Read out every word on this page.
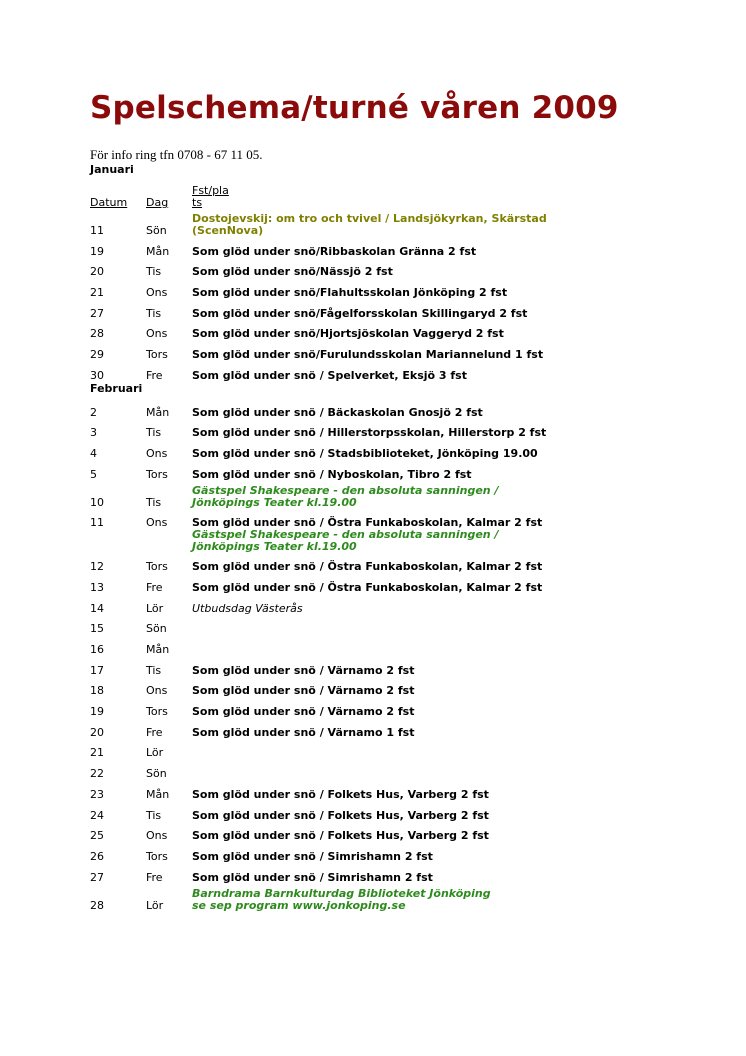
Spelschema/turné våren 2009
För info ring tfn 0708 - 67 11 05.
Januari		
Datum	Dag	Fst/pla
ts

11	Sön	Dostojevskij: om tro och tvivel / Landsjökyrkan, Skärstad
(ScenNova)

19	Mån	Som glöd under snö/Ribbaskolan Gränna 2 fst

20	Tis	Som glöd under snö/Nässjö 2 fst

21	Ons	Som glöd under snö/Flahultsskolan Jönköping 2 fst

27	Tis	Som glöd under snö/Fågelforsskolan Skillingaryd 2 fst

28	Ons	Som glöd under snö/Hjortsjöskolan Vaggeryd 2 fst

29	Tors	Som glöd under snö/Furulundsskolan Mariannelund 1 fst

30	Fre	Som glöd under snö / Spelverket, Eksjö 3 fst

Februari		
2	Mån	Som glöd under snö / Bäckaskolan Gnosjö 2 fst

3	Tis	Som glöd under snö / Hillerstorpsskolan, Hillerstorp 2 fst

4	Ons	Som glöd under snö / Stadsbiblioteket, Jönköping 19.00

5	Tors	Som glöd under snö / Nyboskolan, Tibro 2 fst

10	Tis	Gästspel Shakespeare - den absoluta sanningen /
Jönköpings Teater kl.19.00

11	Ons	Som glöd under snö / Östra Funkaboskolan, Kalmar 2 fst
Gästspel Shakespeare - den absoluta sanningen /
Jönköpings Teater kl.19.00

12	Tors	Som glöd under snö / Östra Funkaboskolan, Kalmar 2 fst

13	Fre	Som glöd under snö / Östra Funkaboskolan, Kalmar 2 fst

14	Lör	Utbudsdag Västerås

15	Sön	

16	Mån	

17	Tis	Som glöd under snö / Värnamo 2 fst

18	Ons	Som glöd under snö / Värnamo 2 fst

19	Tors	Som glöd under snö / Värnamo 2 fst

20	Fre	Som glöd under snö / Värnamo 1 fst

21	Lör	

22	Sön	

23	Mån	Som glöd under snö / Folkets Hus, Varberg 2 fst

24	Tis	Som glöd under snö / Folkets Hus, Varberg 2 fst

25	Ons	Som glöd under snö / Folkets Hus, Varberg 2 fst

26	Tors	Som glöd under snö / Simrishamn 2 fst

27	Fre	Som glöd under snö / Simrishamn 2 fst

28	Lör	Barndrama Barnkulturdag Biblioteket Jönköping
se sep program www.jonkoping.se
